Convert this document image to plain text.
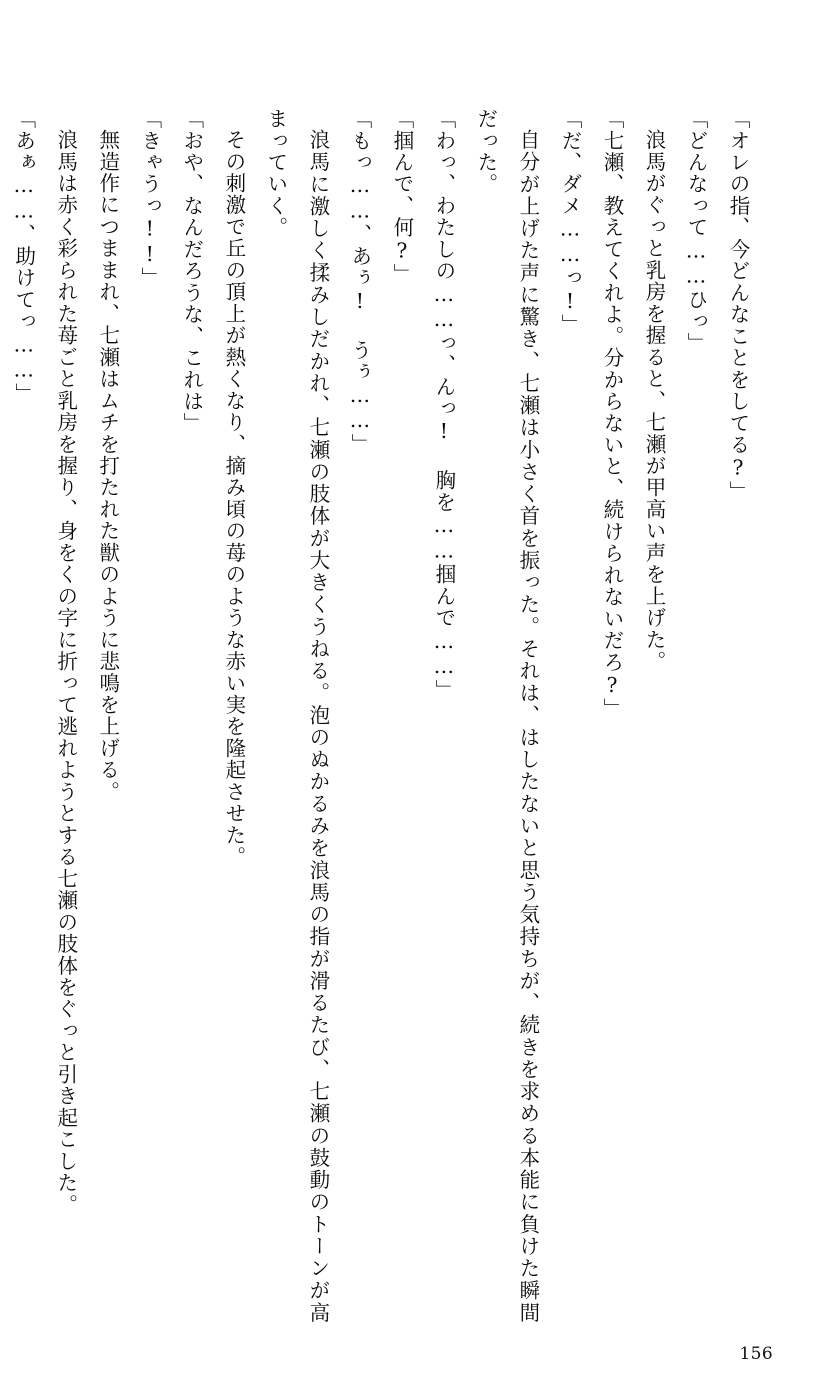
「オレの指、今どんなことをしてる?」

「どんなって……ひっ」

浪馬がぐっと乳房を握ると、七瀬が甲高い声を上げた。

「七瀬、教えてくれよ。分からないと、続けられないだろ?」

「だ、ダメ……っ!」

自分が上げた声に驚き、七瀬は小さく首を振った。それは、はしたないと思う気持ちが、続きを求める本能に負けた瞬間だった。

「わっ、わたしの……っ、んっ! 胸を……掴んで……」

「掴んで、何?」

「もっ……、あぅ! うぅ……」

浪馬に激しく揉みしだかれ、七瀬の肢体が大きくうねる。泡のぬかるみを浪馬の指が滑るたび、七瀬の鼓動のトーンが高まっていく。

その刺激で丘の頂上が熱くなり、摘み頃の苺のような赤い実を隆起させた。

「おや、なんだろうな、これは」

「きゃうっ!!」

無造作につままれ、七瀬はムチを打たれた獣のように悲鳴を上げる。

浪馬は赤く彩られた苺ごと乳房を握り、身をくの字に折って逃れようとする七瀬の肢体をぐっと引き起こした。

「あぁ……、助けてっ……」

156
